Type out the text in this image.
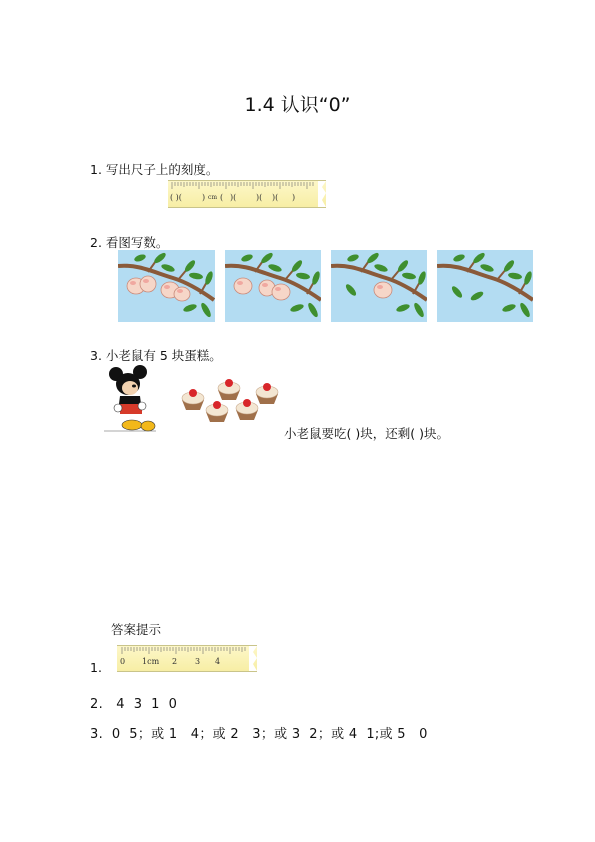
1.4 认识“0”
1. 写出尺子上的刻度。
( )(	) cm ( )( )( )( )
2. 看图写数。
3. 小老鼠有 5 块蛋糕。
小老鼠要吃( )块，还剩( )块。
答案提示
1. 0 1cm 2 3 4
2.   4  3  1  0
3.  0  5；或 1   4；或 2   3；或 3  2；或 4  1;或 5   0
